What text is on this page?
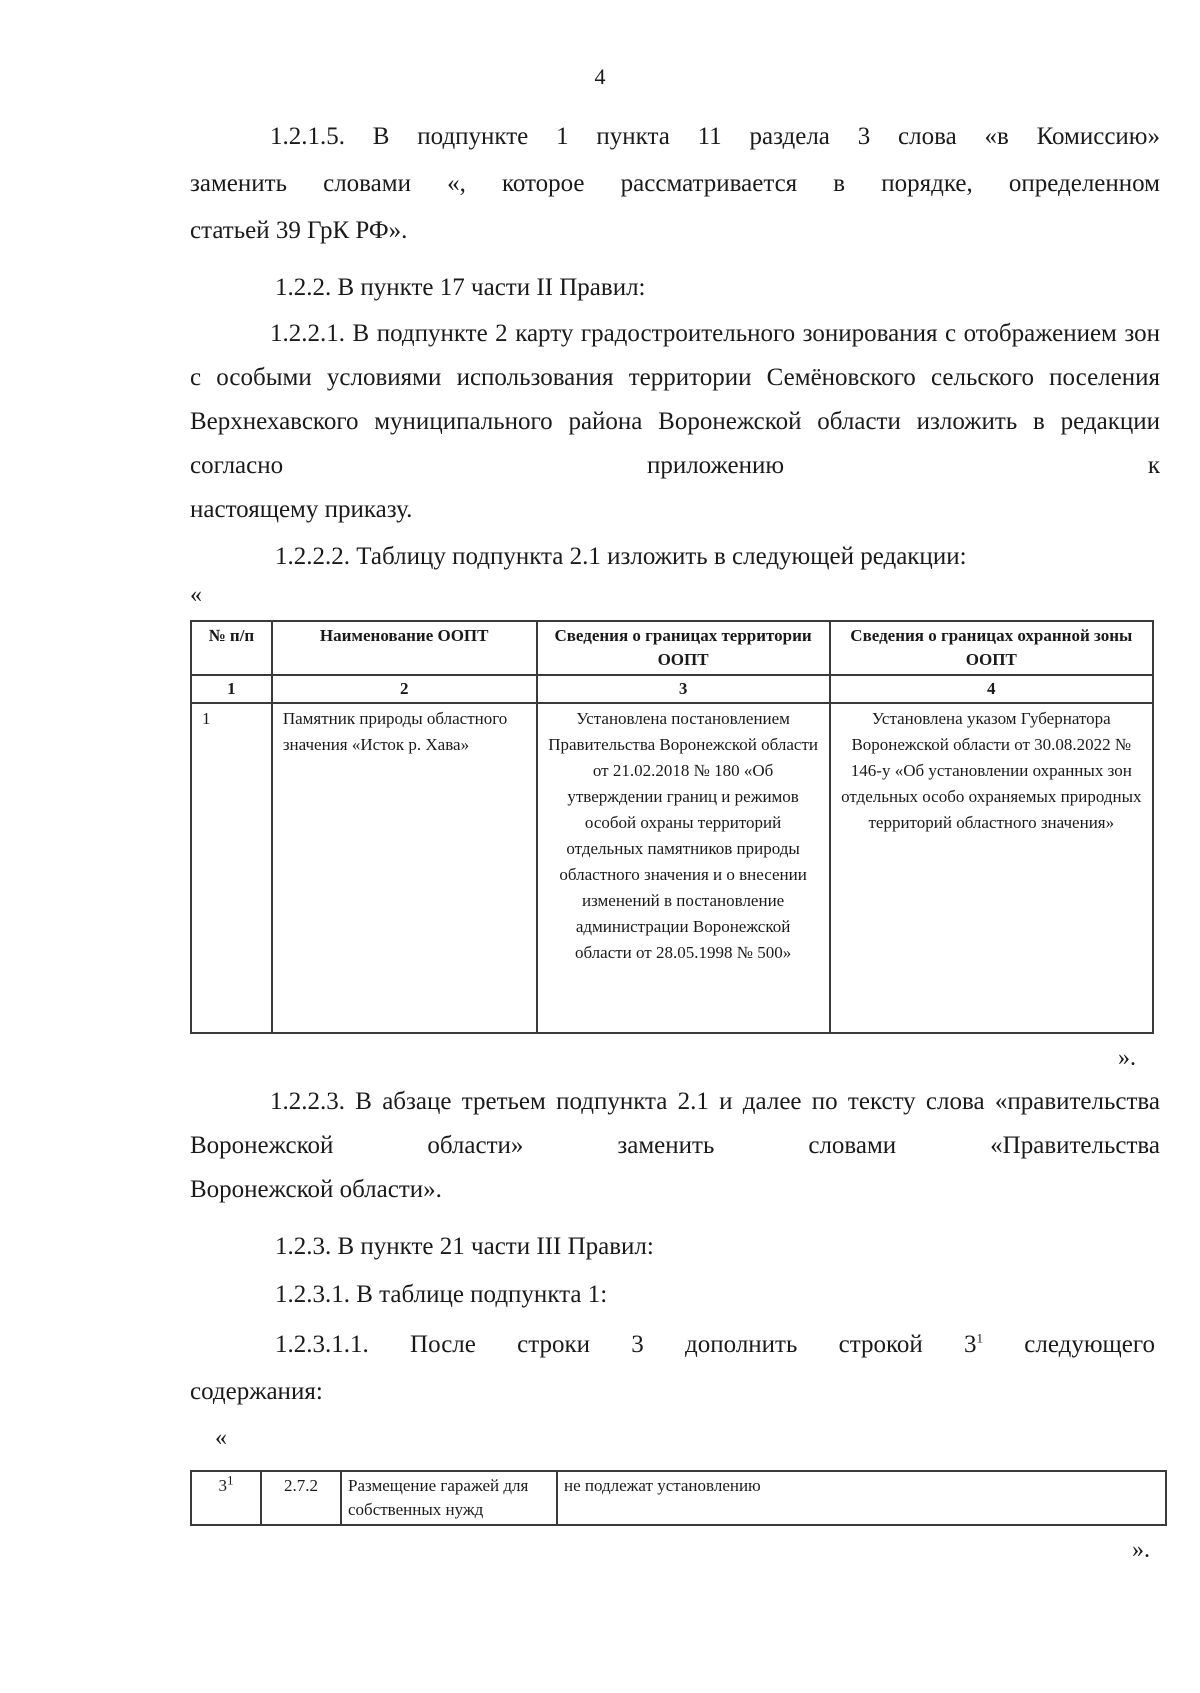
4
1.2.1.5. В подпункте 1 пункта 11 раздела 3 слова «в Комиссию»
заменить словами «, которое рассматривается в порядке, определенном
статьей 39 ГрК РФ».
1.2.2. В пункте 17 части II Правил:
1.2.2.1. В подпункте 2 карту градостроительного зонирования с отображением зон с особыми условиями использования территории Семёновского сельского поселения Верхнехавского муниципального района Воронежской области изложить в редакции согласно приложению к
настоящему приказу.
1.2.2.2. Таблицу подпункта 2.1 изложить в следующей редакции:
«
№ п/п	Наименование ООПТ	Сведения о границах территории ООПТ	Сведения о границах охранной зоны ООПТ
1	2	3	4
1	Памятник природы областного значения «Исток р. Хава»	Установлена постановлением Правительства Воронежской области от 21.02.2018 № 180 «Об утверждении границ и режимов особой охраны территорий отдельных памятников природы областного значения и о внесении изменений в постановление администрации Воронежской области от 28.05.1998 № 500»	Установлена указом Губернатора Воронежской области от 30.08.2022 № 146-у «Об установлении охранных зон отдельных особо охраняемых природных территорий областного значения»
».
1.2.2.3. В абзаце третьем подпункта 2.1 и далее по тексту слова «правительства Воронежской области» заменить словами «Правительства
Воронежской области».
1.2.3. В пункте 21 части III Правил:
1.2.3.1. В таблице подпункта 1:
1.2.3.1.1. После строки 3 дополнить строкой $3^1$ следующего
содержания:
«
$3^1$	2.7.2	Размещение гаражей для собственных нужд	не подлежат установлению
».
